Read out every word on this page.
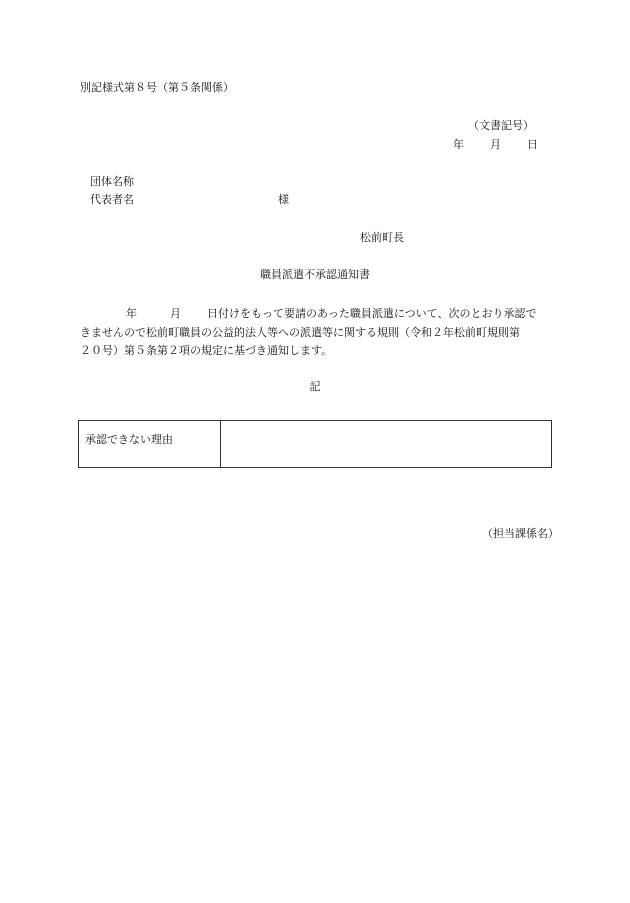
別記様式第８号（第５条関係）
（文書記号）
年 月 日
団体名称
代表者名	様
松前町長
職員派遣不承認通知書

年	月 日付けをもって要請のあった職員派遣について、次のとおり承認で

きませんので松前町職員の公益的法人等への派遣等に関する規則（令和２年松前町規則第

２０号）第５条第２項の規定に基づき通知します。

記
承認できない理由
（担当課係名）
